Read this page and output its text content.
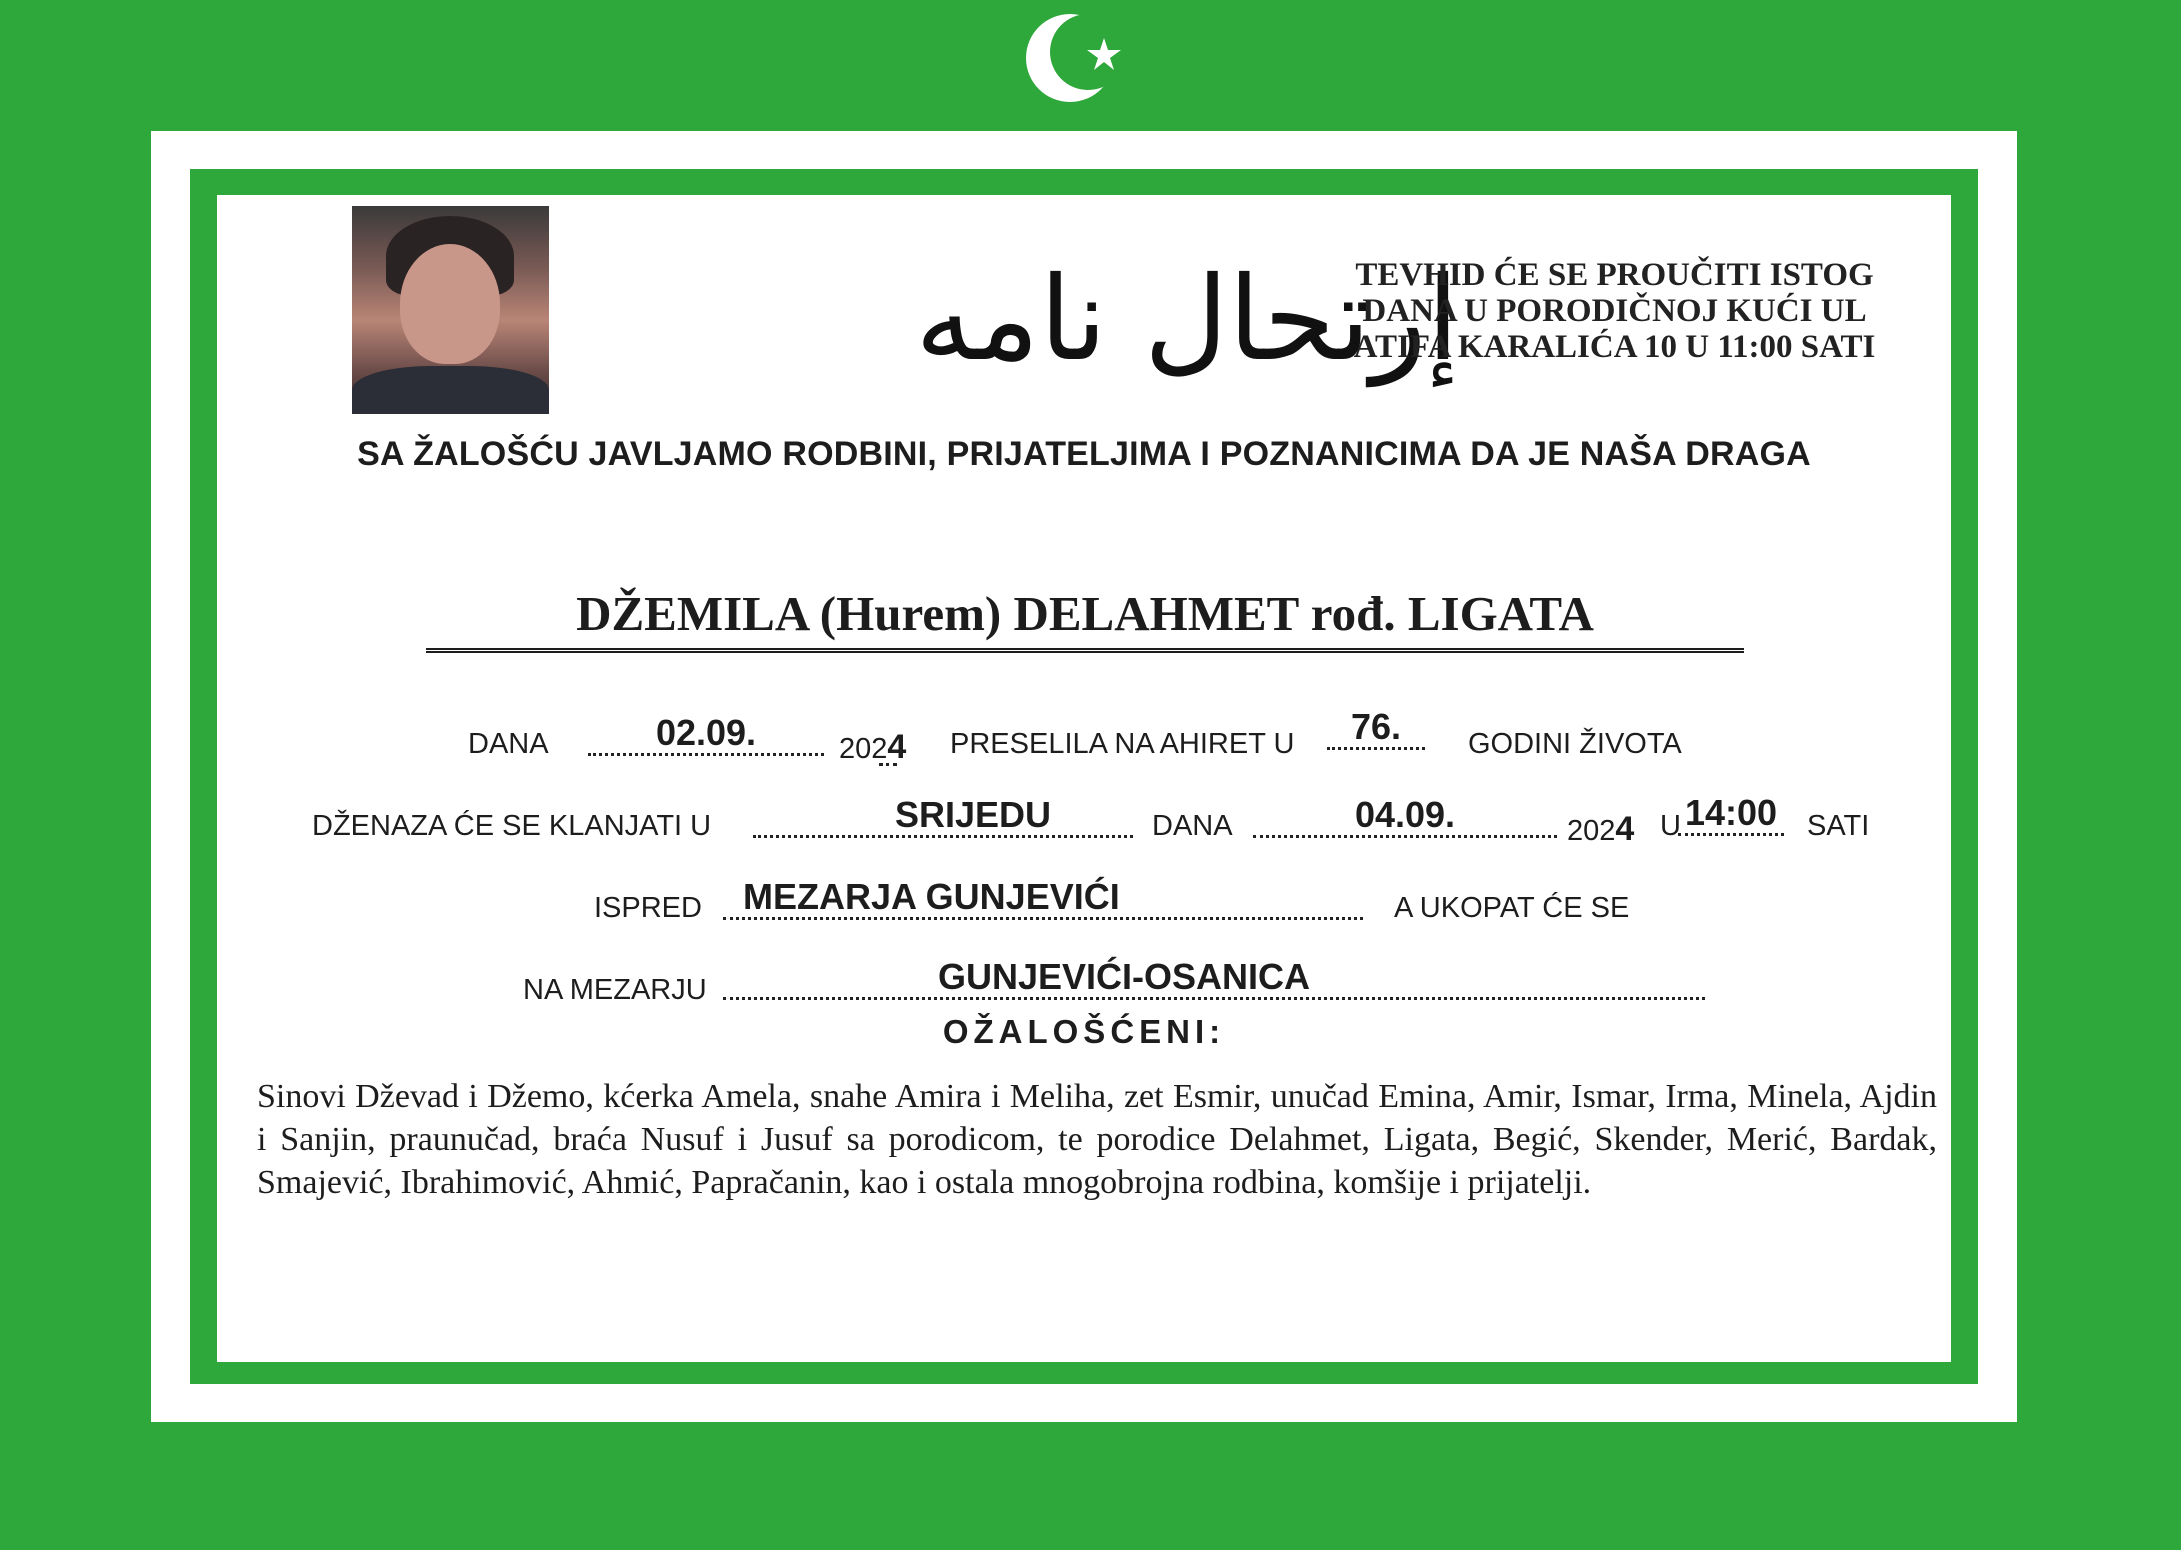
إرتحال نامه
TEVHID ĆE SE PROUČITI ISTOG
DANA U PORODIČNOJ KUĆI UL
ATIFA KARALIĆA 10 U 11:00 SATI
SA ŽALOŠĆU JAVLJAMO RODBINI, PRIJATELJIMA I POZNANICIMA DA JE NAŠA DRAGA
DŽEMILA (Hurem) DELAHMET rođ. LIGATA
DANA	02.09.	2024 PRESELILA NA AHIRET U	76.	GODINI ŽIVOTA
DŽENAZA ĆE SE KLANJATI U	SRIJEDU	DANA	04.09.	2024 U 14:00 SATI
ISPRED	MEZARJA GUNJEVIĆI	A UKOPAT ĆE SE
NA MEZARJU	GUNJEVIĆI-OSANICA
OŽALOŠĆENI:
Sinovi Dževad i Džemo, kćerka Amela, snahe Amira i Meliha, zet Esmir, unučad Emina, Amir, Ismar, Irma, Minela, Ajdin i Sanjin, praunučad, braća Nusuf i Jusuf sa porodicom, te porodice Delahmet, Ligata, Begić, Skender, Merić, Bardak, Smajević, Ibrahimović, Ahmić, Papračanin, kao i ostala mnogobrojna rodbina, komšije i prijatelji.
